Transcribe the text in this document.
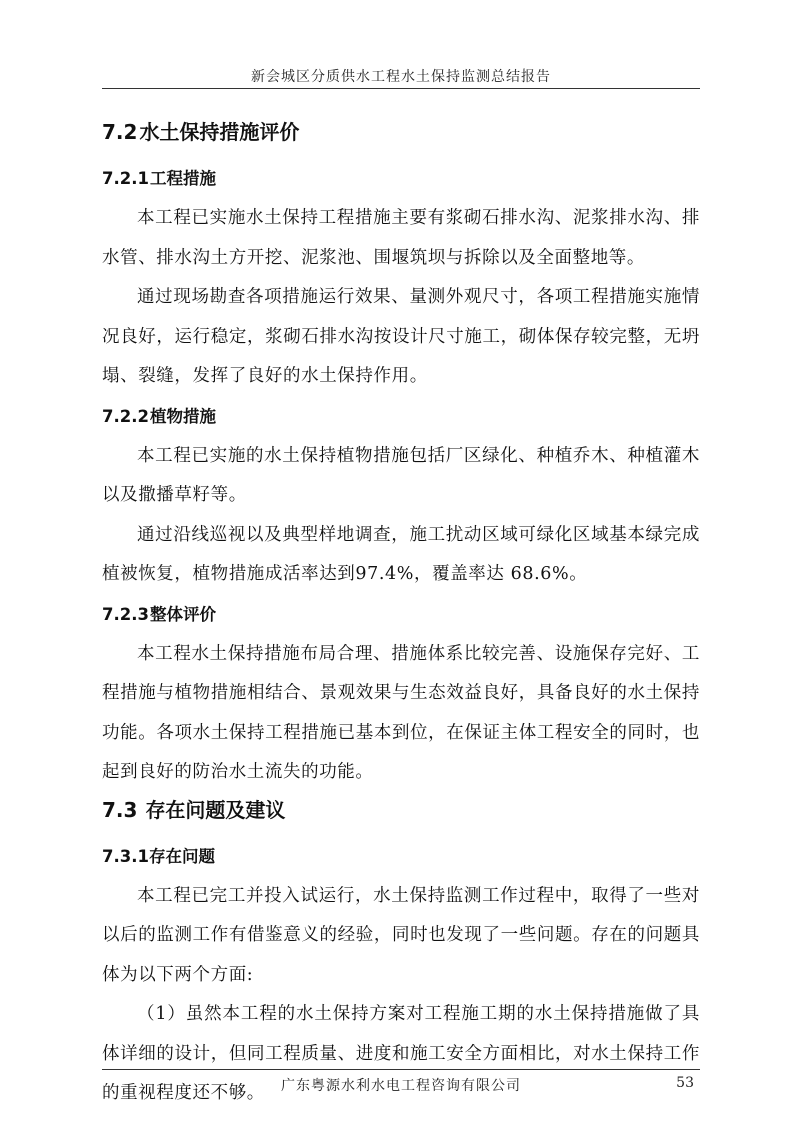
新会城区分质供水工程水土保持监测总结报告
7.2 水土保持措施评价
7.2.1工程措施

本工程已实施水土保持工程措施主要有浆砌石排水沟、泥浆排水沟、排水管、排水沟土方开挖、泥浆池、围堰筑坝与拆除以及全面整地等。

通过现场勘查各项措施运行效果、量测外观尺寸，各项工程措施实施情况良好，运行稳定，浆砌石排水沟按设计尺寸施工，砌体保存较完整，无坍塌、裂缝，发挥了良好的水土保持作用。

7.2.2植物措施

本工程已实施的水土保持植物措施包括厂区绿化、种植乔木、种植灌木以及撒播草籽等。

通过沿线巡视以及典型样地调查，施工扰动区域可绿化区域基本绿完成植被恢复，植物措施成活率达到97.4%，覆盖率达 68.6%。

7.2.3整体评价

本工程水土保持措施布局合理、措施体系比较完善、设施保存完好、工程措施与植物措施相结合、景观效果与生态效益良好，具备良好的水土保持功能。各项水土保持工程措施已基本到位，在保证主体工程安全的同时，也起到良好的防治水土流失的功能。

7.3 存在问题及建议
7.3.1存在问题

本工程已完工并投入试运行，水土保持监测工作过程中，取得了一些对以后的监测工作有借鉴意义的经验，同时也发现了一些问题。存在的问题具体为以下两个方面:

（1）虽然本工程的水土保持方案对工程施工期的水土保持措施做了具体详细的设计，但同工程质量、进度和施工安全方面相比，对水土保持工作的重视程度还不够。	广东粤源水利水电工程咨询有限公司	53
